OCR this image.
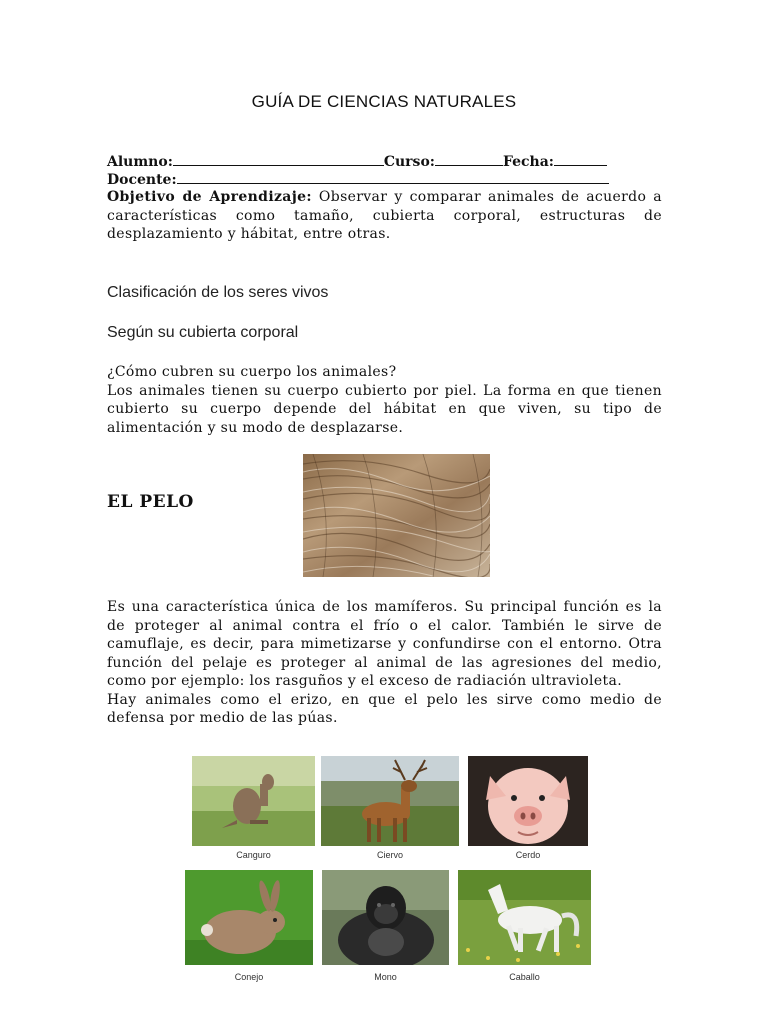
GUÍA DE CIENCIAS NATURALES
Alumno:	Curso:	Fecha:
Docente:
Objetivo de Aprendizaje: Observar y comparar animales de acuerdo a características como tamaño, cubierta corporal, estructuras de desplazamiento y hábitat, entre otras.
Clasificación de los seres vivos
Según su cubierta corporal
¿Cómo cubren su cuerpo los animales?
Los animales tienen su cuerpo cubierto por piel. La forma en que tienen cubierto su cuerpo depende del hábitat en que viven, su tipo de alimentación y su modo de desplazarse.
EL PELO
Es una característica única de los mamíferos. Su principal función es la de proteger al animal contra el frío o el calor. También le sirve de camuflaje, es decir, para mimetizarse y confundirse con el entorno. Otra función del pelaje es proteger al animal de las agresiones del medio, como por ejemplo: los rasguños y el exceso de radiación ultravioleta.
Hay animales como el erizo, en que el pelo les sirve como medio de defensa por medio de las púas.
Canguro	Ciervo	Cerdo
Conejo	Mono	Caballo
